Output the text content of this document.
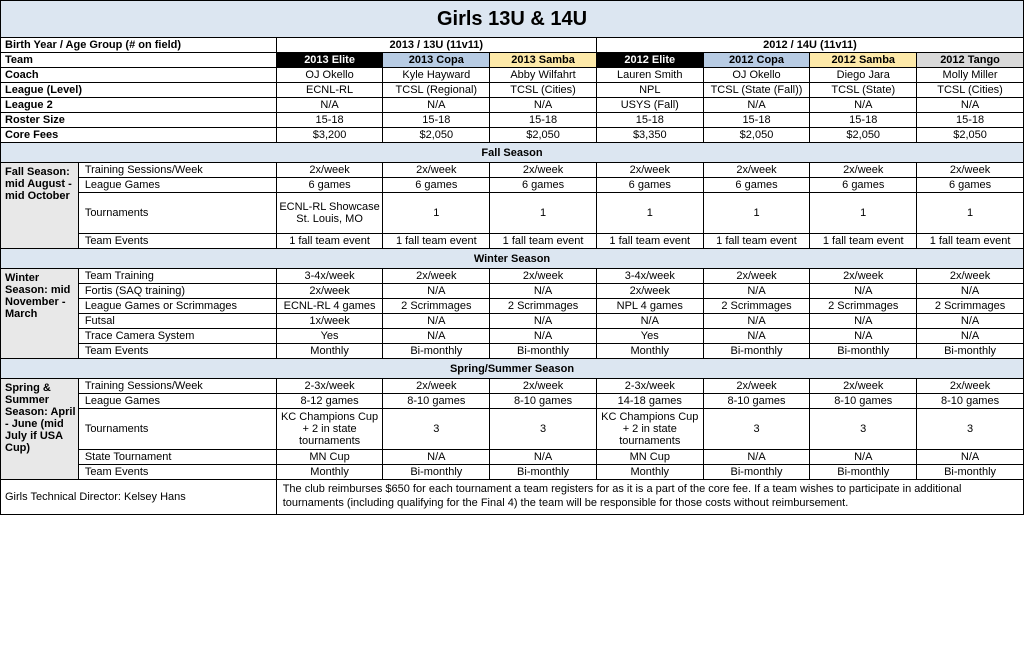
Girls 13U & 14U								
Birth Year / Age Group (# on field)		2013 / 13U (11v11)			2012 / 14U (11v11)			
Team		2013 Elite	2013 Copa	2013 Samba	2012 Elite	2012 Copa	2012 Samba	2012 Tango
Coach		OJ Okello	Kyle Hayward	Abby Wilfahrt	Lauren Smith	OJ Okello	Diego Jara	Molly Miller
League (Level)		ECNL-RL	TCSL (Regional)	TCSL (Cities)	NPL	TCSL (State (Fall))	TCSL (State)	TCSL (Cities)
League 2		N/A	N/A	N/A	USYS (Fall)	N/A	N/A	N/A
Roster Size		15-18	15-18	15-18	15-18	15-18	15-18	15-18
Core Fees		$3,200	$2,050	$2,050	$3,350	$2,050	$2,050	$2,050
Fall Season								
Fall Season: mid August - mid October	Training Sessions/Week	2x/week	2x/week	2x/week	2x/week	2x/week	2x/week	2x/week
	League Games	6 games	6 games	6 games	6 games	6 games	6 games	6 games
	Tournaments	ECNL-RL Showcase St. Louis, MO	1	1	1	1	1	1
	Team Events	1 fall team event	1 fall team event	1 fall team event	1 fall team event	1 fall team event	1 fall team event	1 fall team event
Winter Season								
Winter Season: mid November - March	Team Training	3-4x/week	2x/week	2x/week	3-4x/week	2x/week	2x/week	2x/week
	Fortis (SAQ training)	2x/week	N/A	N/A	2x/week	N/A	N/A	N/A
	League Games or Scrimmages	ECNL-RL 4 games	2 Scrimmages	2 Scrimmages	NPL 4 games	2 Scrimmages	2 Scrimmages	2 Scrimmages
	Futsal	1x/week	N/A	N/A	N/A	N/A	N/A	N/A
	Trace Camera System	Yes	N/A	N/A	Yes	N/A	N/A	N/A
	Team Events	Monthly	Bi-monthly	Bi-monthly	Monthly	Bi-monthly	Bi-monthly	Bi-monthly
Spring/Summer Season								
Spring & Summer Season: April - June (mid July if USA Cup)	Training Sessions/Week	2-3x/week	2x/week	2x/week	2-3x/week	2x/week	2x/week	2x/week
	League Games	8-12 games	8-10 games	8-10 games	14-18 games	8-10 games	8-10 games	8-10 games
	Tournaments	KC Champions Cup + 2 in state tournaments	3	3	KC Champions Cup + 2 in state tournaments	3	3	3
	State Tournament	MN Cup	N/A	N/A	MN Cup	N/A	N/A	N/A
	Team Events	Monthly	Bi-monthly	Bi-monthly	Monthly	Bi-monthly	Bi-monthly	Bi-monthly
Girls Technical Director: Kelsey Hans		The club reimburses $650 for each tournament a team registers for as it is a part of the core fee. If a team wishes to participate in additional tournaments (including qualifying for the Final 4) the team will be responsible for those costs without reimbursement.						
